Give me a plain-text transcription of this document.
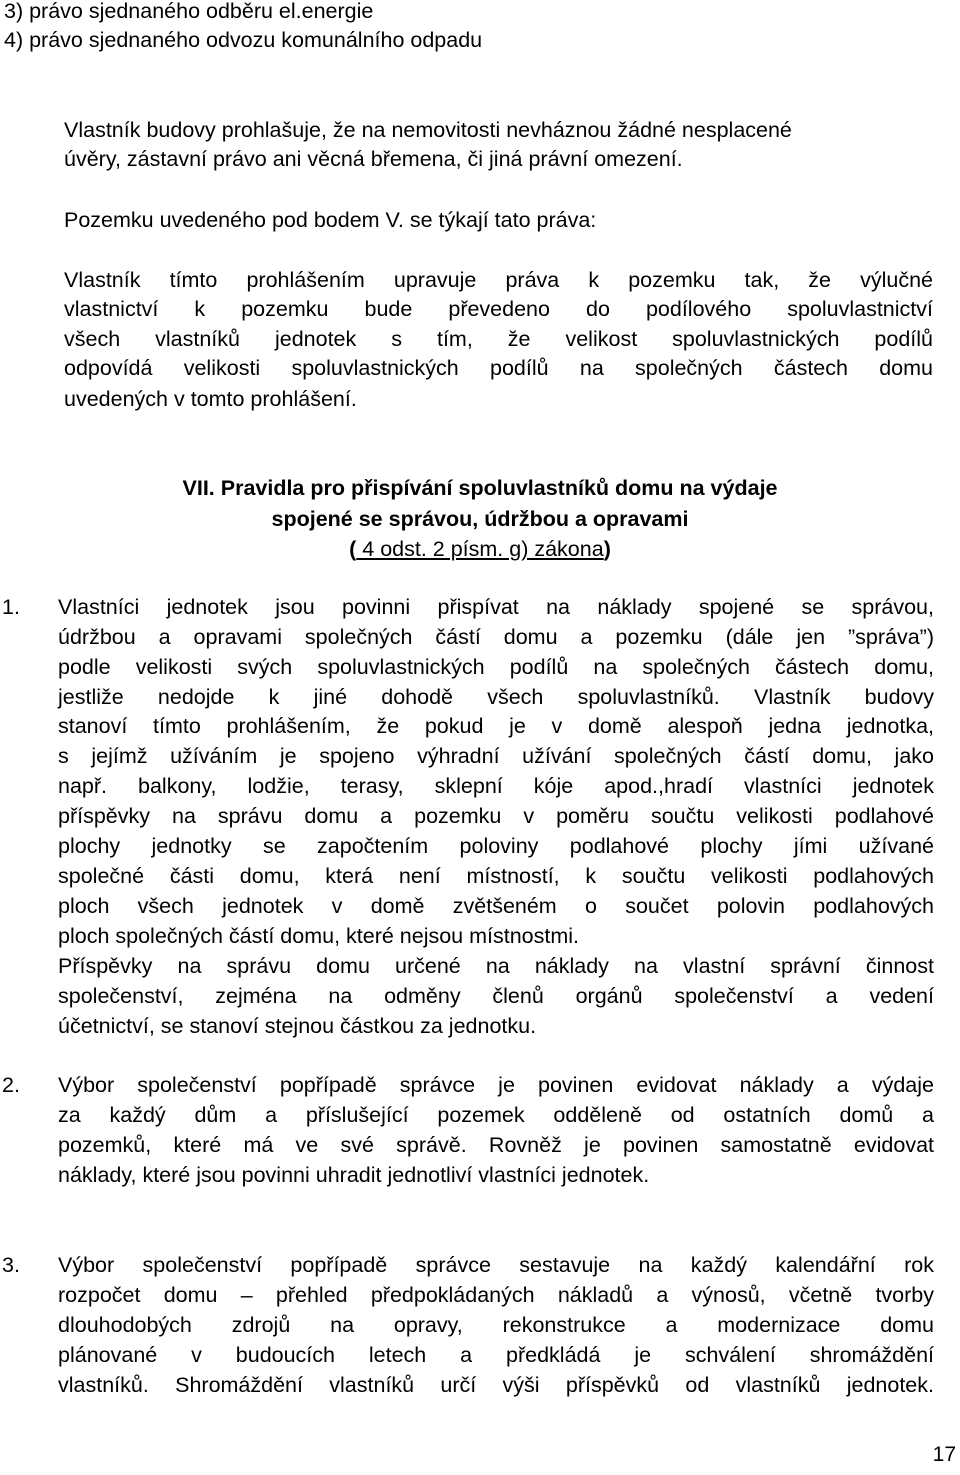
3) právo sjednaného odběru el.energie
4) právo sjednaného odvozu komunálního odpadu
Vlastník budovy prohlašuje, že na nemovitosti nevháznou žádné nesplacené
úvěry, zástavní právo ani věcná břemena, či jiná právní omezení.
Pozemku uvedeného pod bodem V. se týkají tato práva:
Vlastník tímto prohlášením upravuje práva k pozemku tak, že výlučné
vlastnictví k pozemku bude převedeno do podílového spoluvlastnictví
všech vlastníků jednotek s tím, že velikost spoluvlastnických podílů
odpovídá velikosti spoluvlastnických podílů na společných částech domu
uvedených v tomto prohlášení.
VII. Pravidla pro přispívání spoluvlastníků domu na výdaje
spojené se správou, údržbou a opravami
( 4 odst. 2 písm. g) zákona)
1. Vlastníci jednotek jsou povinni přispívat na náklady spojené se správou,
údržbou a opravami společných částí domu a pozemku (dále jen ”správa”)
podle velikosti svých spoluvlastnických podílů na společných částech domu,
jestliže nedojde k jiné dohodě všech spoluvlastníků. Vlastník budovy
stanoví tímto prohlášením, že pokud je v domě alespoň jedna jednotka,
s jejímž užíváním je spojeno výhradní užívání společných částí domu, jako
např. balkony, lodžie, terasy, sklepní kóje apod.,hradí vlastníci jednotek
příspěvky na správu domu a pozemku v poměru součtu velikosti podlahové
plochy jednotky se započtením poloviny podlahové plochy jími užívané
společné části domu, která není místností, k součtu velikosti podlahových
ploch všech jednotek v domě zvětšeném o součet polovin podlahových
ploch společných částí domu, které nejsou místnostmi.
Příspěvky na správu domu určené na náklady na vlastní správní činnost
společenství, zejména na odměny členů orgánů společenství a vedení
účetnictví, se stanoví stejnou částkou za jednotku.
2. Výbor společenství popřípadě správce je povinen evidovat náklady a výdaje
za každý dům a příslušející pozemek odděleně od ostatních domů a
pozemků, které má ve své správě. Rovněž je povinen samostatně evidovat
náklady, které jsou povinni uhradit jednotliví vlastníci jednotek.
3. Výbor společenství popřípadě správce sestavuje na každý kalendářní rok
rozpočet domu – přehled předpokládaných nákladů a výnosů, včetně tvorby
dlouhodobých zdrojů na opravy, rekonstrukce a modernizace domu
plánované v budoucích letech a předkládá je schválení shromáždění
vlastníků. Shromáždění vlastníků určí výši příspěvků od vlastníků jednotek.
17
